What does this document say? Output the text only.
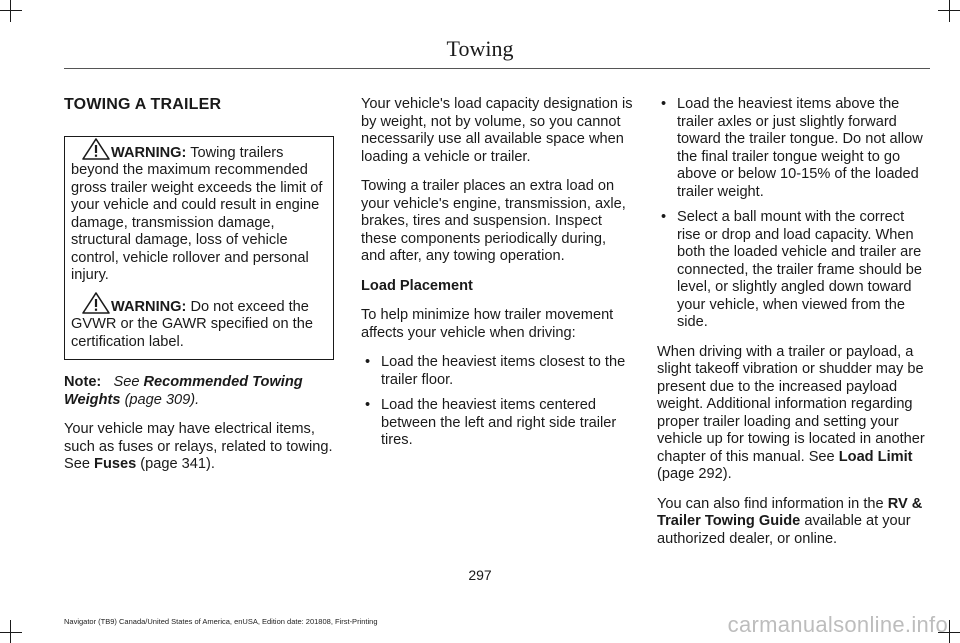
Towing
TOWING A TRAILER

WARNING: Towing trailers beyond the maximum recommended gross trailer weight exceeds the limit of your vehicle and could result in engine damage, transmission damage, structural damage, loss of vehicle control, vehicle rollover and personal injury.

WARNING: Do not exceed the GVWR or the GAWR specified on the certification label.

Note: See Recommended Towing Weights (page 309).

Your vehicle may have electrical items, such as fuses or relays, related to towing. See Fuses (page 341).

Your vehicle's load capacity designation is by weight, not by volume, so you cannot necessarily use all available space when loading a vehicle or trailer.

Towing a trailer places an extra load on your vehicle's engine, transmission, axle, brakes, tires and suspension. Inspect these components periodically during, and after, any towing operation.

Load Placement

To help minimize how trailer movement affects your vehicle when driving:

• Load the heaviest items closest to the trailer floor.
• Load the heaviest items centered between the left and right side trailer tires.
• Load the heaviest items above the trailer axles or just slightly forward toward the trailer tongue. Do not allow the final trailer tongue weight to go above or below 10-15% of the loaded trailer weight.
• Select a ball mount with the correct rise or drop and load capacity. When both the loaded vehicle and trailer are connected, the trailer frame should be level, or slightly angled down toward your vehicle, when viewed from the side.

When driving with a trailer or payload, a slight takeoff vibration or shudder may be present due to the increased payload weight. Additional information regarding proper trailer loading and setting your vehicle up for towing is located in another chapter of this manual. See Load Limit (page 292).

You can also find information in the RV & Trailer Towing Guide available at your authorized dealer, or online.

297
Navigator (TB9) Canada/United States of America, enUSA, Edition date: 201808, First-Printing	carmanualsonline.info
